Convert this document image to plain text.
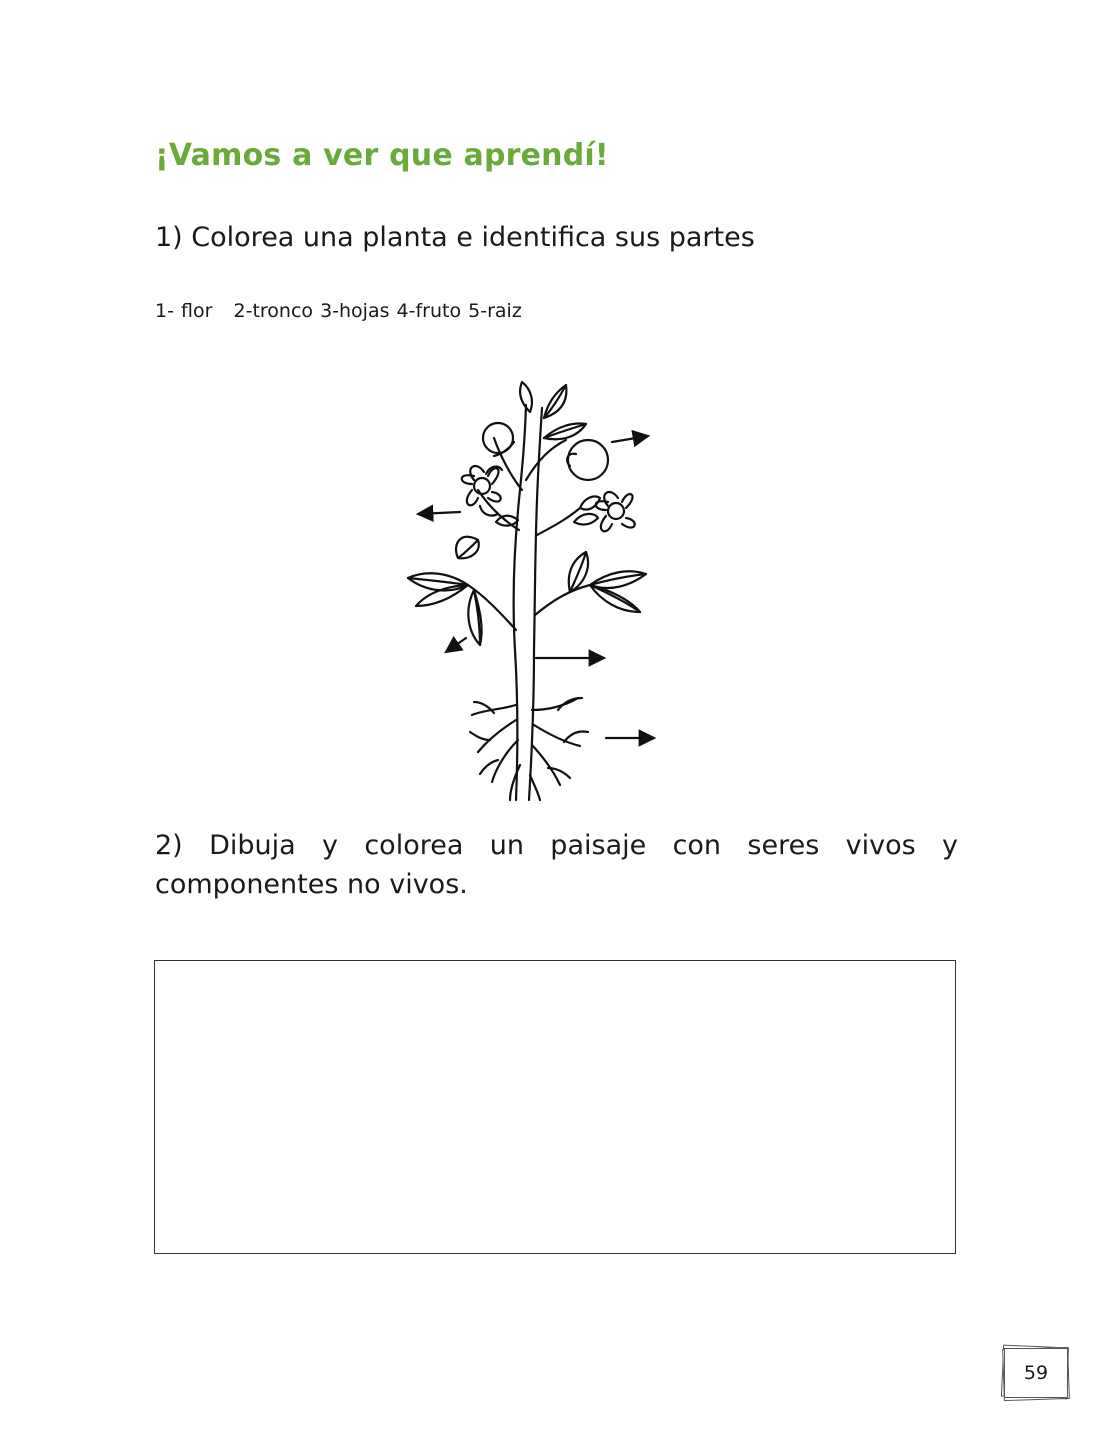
¡Vamos a ver que aprendí!
1) Colorea una planta e identifica sus partes
1- flor   2-tronco 3-hojas 4-fruto 5-raiz
2) Dibuja y colorea un paisaje con seres vivos y componentes no vivos.
59
